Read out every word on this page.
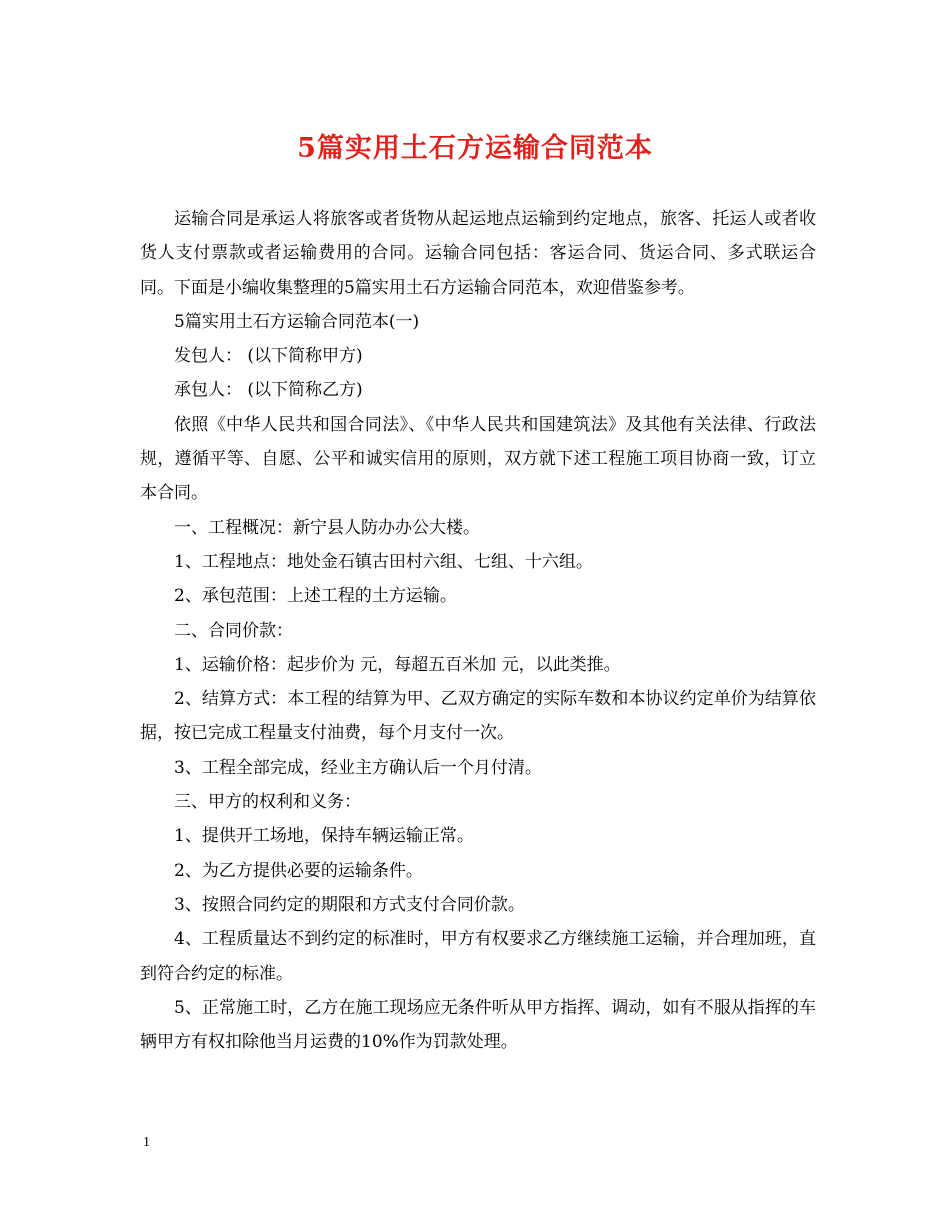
5篇实用土石方运输合同范本

运输合同是承运人将旅客或者货物从起运地点运输到约定地点，旅客、托运人或者收货人支付票款或者运输费用的合同。运输合同包括：客运合同、货运合同、多式联运合同。下面是小编收集整理的5篇实用土石方运输合同范本，欢迎借鉴参考。

5篇实用土石方运输合同范本(一)

发包人： (以下简称甲方)

承包人： (以下简称乙方)

依照《中华人民共和国合同法》、《中华人民共和国建筑法》及其他有关法律、行政法规，遵循平等、自愿、公平和诚实信用的原则，双方就下述工程施工项目协商一致，订立本合同。

一、工程概况：新宁县人防办办公大楼。

1、工程地点：地处金石镇古田村六组、七组、十六组。

2、承包范围：上述工程的土方运输。

二、合同价款：

1、运输价格：起步价为 元，每超五百米加 元，以此类推。

2、结算方式：本工程的结算为甲、乙双方确定的实际车数和本协议约定单价为结算依据，按已完成工程量支付油费，每个月支付一次。

3、工程全部完成，经业主方确认后一个月付清。

三、甲方的权利和义务：

1、提供开工场地，保持车辆运输正常。

2、为乙方提供必要的运输条件。

3、按照合同约定的期限和方式支付合同价款。

4、工程质量达不到约定的标准时，甲方有权要求乙方继续施工运输，并合理加班，直到符合约定的标准。

5、正常施工时，乙方在施工现场应无条件听从甲方指挥、调动，如有不服从指挥的车辆甲方有权扣除他当月运费的10%作为罚款处理。

1
